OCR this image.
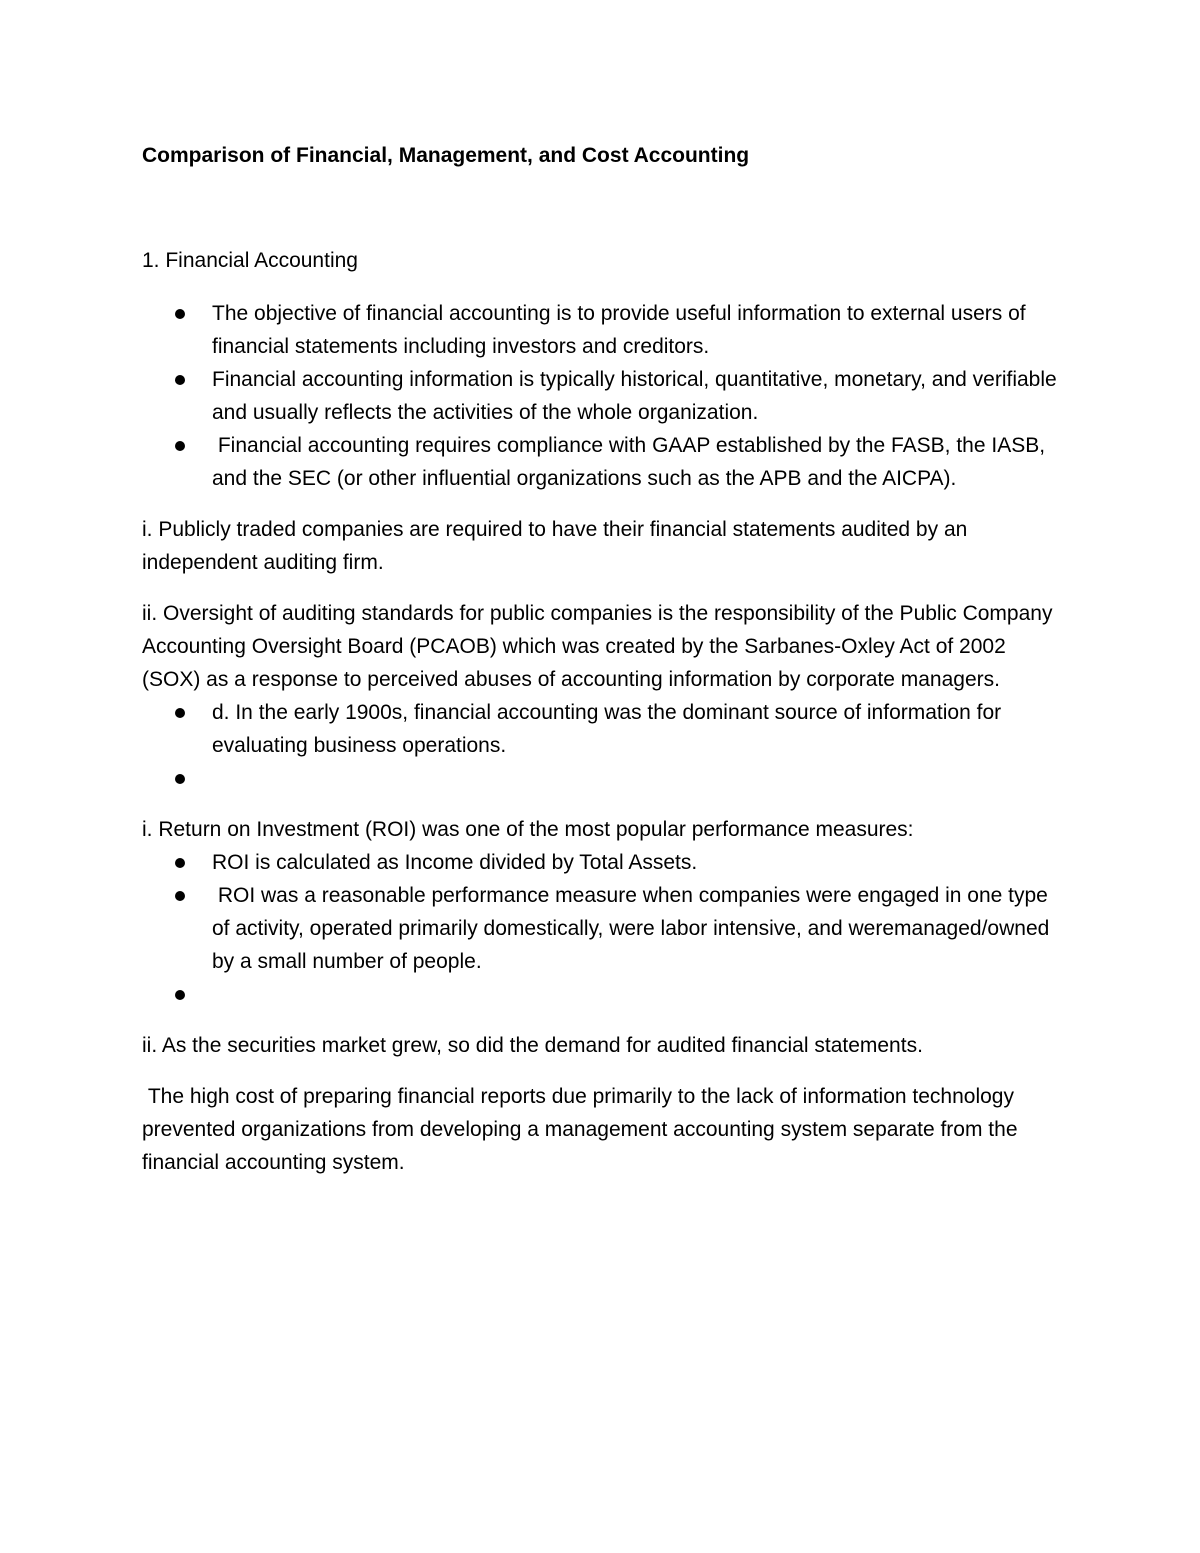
Comparison of Financial, Management, and Cost Accounting

1. Financial Accounting

The objective of financial accounting is to provide useful information to external users of financial statements including investors and creditors.
Financial accounting information is typically historical, quantitative, monetary, and verifiable and usually reflects the activities of the whole organization.
Financial accounting requires compliance with GAAP established by the FASB, the IASB, and the SEC (or other influential organizations such as the APB and the AICPA).

i. Publicly traded companies are required to have their financial statements audited by an independent auditing firm.

ii. Oversight of auditing standards for public companies is the responsibility of the Public Company Accounting Oversight Board (PCAOB) which was created by the Sarbanes-Oxley Act of 2002 (SOX) as a response to perceived abuses of accounting information by corporate managers.

d. In the early 1900s, financial accounting was the dominant source of information for evaluating business operations.

i. Return on Investment (ROI) was one of the most popular performance measures:

ROI is calculated as Income divided by Total Assets.
ROI was a reasonable performance measure when companies were engaged in one type of activity, operated primarily domestically, were labor intensive, and weremanaged/owned by a small number of people.

ii. As the securities market grew, so did the demand for audited financial statements.

The high cost of preparing financial reports due primarily to the lack of information technology prevented organizations from developing a management accounting system separate from the financial accounting system.
